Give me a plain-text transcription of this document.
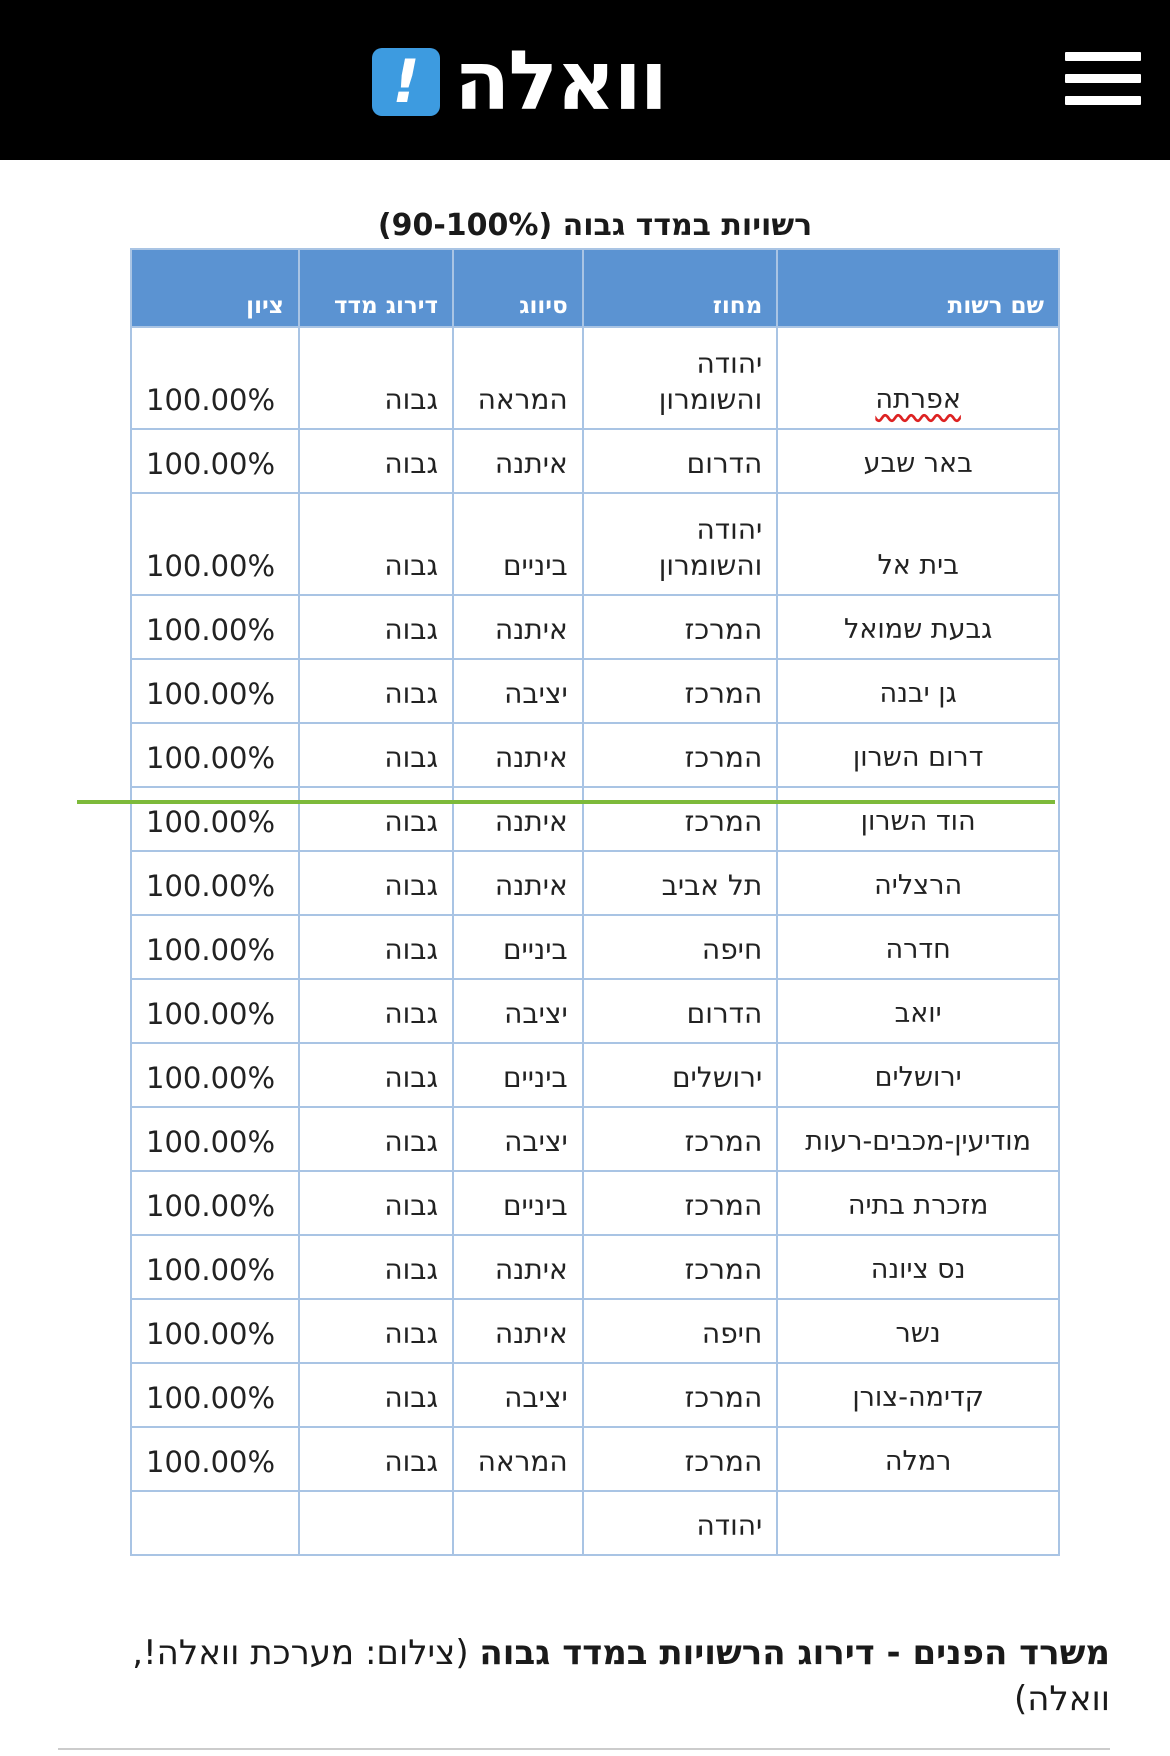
! וואלה
רשויות במדד גבוה (90-100%)
שם רשות	מחוז	סיווג	דירוג מדד	ציון
אפרתה	יהודה והשומרון	המראה	גבוה	100.00%
באר שבע	הדרום	איתנה	גבוה	100.00%
בית אל	יהודה והשומרון	ביניים	גבוה	100.00%
גבעת שמואל	המרכז	איתנה	גבוה	100.00%
גן יבנה	המרכז	יציבה	גבוה	100.00%
דרום השרון	המרכז	איתנה	גבוה	100.00%
הוד השרון	המרכז	איתנה	גבוה	100.00%
הרצליה	תל אביב	איתנה	גבוה	100.00%
חדרה	חיפה	ביניים	גבוה	100.00%
יואב	הדרום	יציבה	גבוה	100.00%
ירושלים	ירושלים	ביניים	גבוה	100.00%
מודיעין-מכבים-רעות	המרכז	יציבה	גבוה	100.00%
מזכרת בתיה	המרכז	ביניים	גבוה	100.00%
נס ציונה	המרכז	איתנה	גבוה	100.00%
נשר	חיפה	איתנה	גבוה	100.00%
קדימה-צורן	המרכז	יציבה	גבוה	100.00%
רמלה	המרכז	המראה	גבוה	100.00%
	יהודה			
משרד הפנים - דירוג הרשויות במדד גבוה (צילום: מערכת וואלה!, וואלה)
